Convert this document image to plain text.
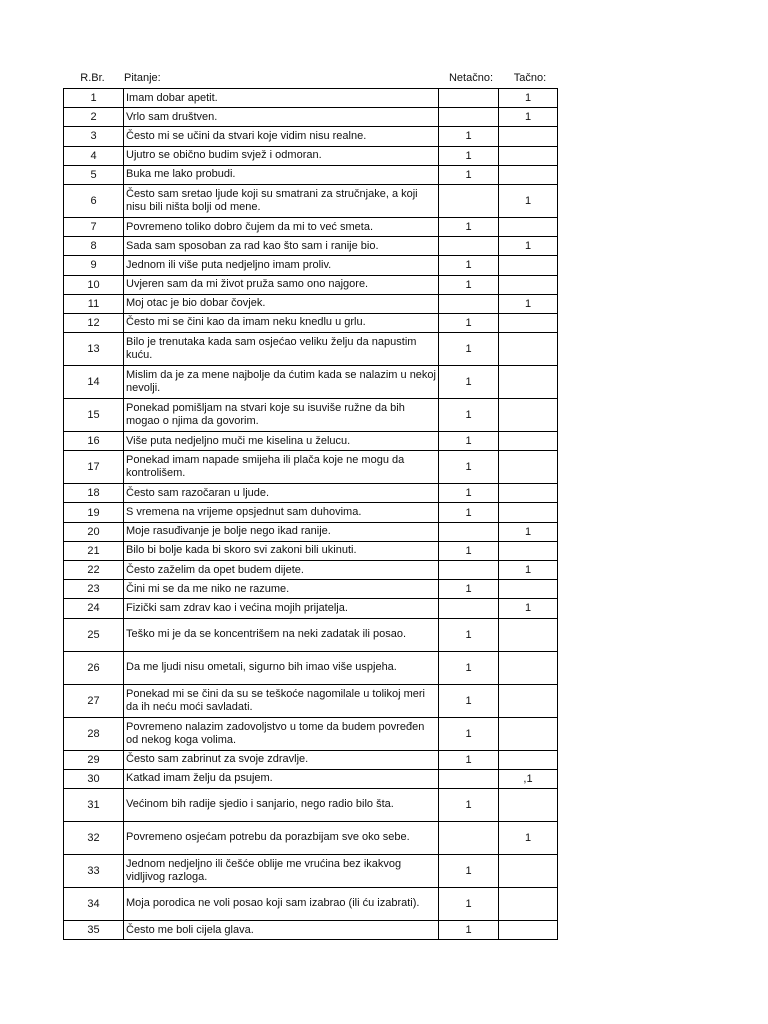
R.Br.	Pitanje:	Netačno:	Tačno:
1	Imam dobar apetit.		1
2	Vrlo sam društven.		1
3	Često mi se učini da stvari koje vidim nisu realne.	1	
4	Ujutro se obično budim svjež i odmoran.	1	
5	Buka me lako probudi.	1	
6	Često sam sretao ljude koji su smatrani za stručnjake, a koji nisu bili ništa bolji od mene.		1
7	Povremeno toliko dobro čujem da mi to već smeta.	1	
8	Sada sam sposoban za rad kao što sam i ranije bio.		1
9	Jednom ili više puta nedjeljno imam proliv.	1	
10	Uvjeren sam da mi život pruža samo ono najgore.	1	
11	Moj otac je bio dobar čovjek.		1
12	Često mi se čini kao da imam neku knedlu u grlu.	1	
13	Bilo je trenutaka kada sam osjećao veliku želju da napustim kuću.	1	
14	Mislim da je za mene najbolje da ćutim kada se nalazim u nekoj nevolji.	1	
15	Ponekad pomišljam na stvari koje su isuviše ružne da bih mogao o njima da govorim.	1	
16	Više puta nedjeljno muči me kiselina u želucu.	1	
17	Ponekad imam napade smijeha ili plača koje ne mogu da kontrolišem.	1	
18	Često sam razočaran u ljude.	1	
19	S vremena na vrijeme opsjednut sam duhovima.	1	
20	Moje rasuđivanje je bolje nego ikad ranije.		1
21	Bilo bi bolje kada bi skoro svi zakoni bili ukinuti.	1	
22	Često zaželim da opet budem dijete.		1
23	Čini mi se da me niko ne razume.	1	
24	Fizički sam zdrav kao i većina mojih prijatelja.		1
25	Teško mi je da se koncentrišem na neki zadatak ili posao.	1	
26	Da me ljudi nisu ometali, sigurno bih imao više uspjeha.	1	
27	Ponekad mi se čini da su se teškoće nagomilale u tolikoj meri da ih neću moći savladati.	1	
28	Povremeno nalazim zadovoljstvo u tome da budem povređen od nekog koga volima.	1	
29	Često sam zabrinut za svoje zdravlje.	1	
30	Katkad imam želju da psujem.		,1
31	Većinom bih radije sjedio i sanjario, nego radio bilo šta.	1	
32	Povremeno osjećam potrebu da porazbijam sve oko sebe.		1
33	Jednom nedjeljno ili češće oblije me vrućina bez ikakvog vidljivog razloga.	1	
34	Moja porodica ne voli posao koji sam izabrao (ili ću izabrati).	1	
35	Često me boli cijela glava.	1	
